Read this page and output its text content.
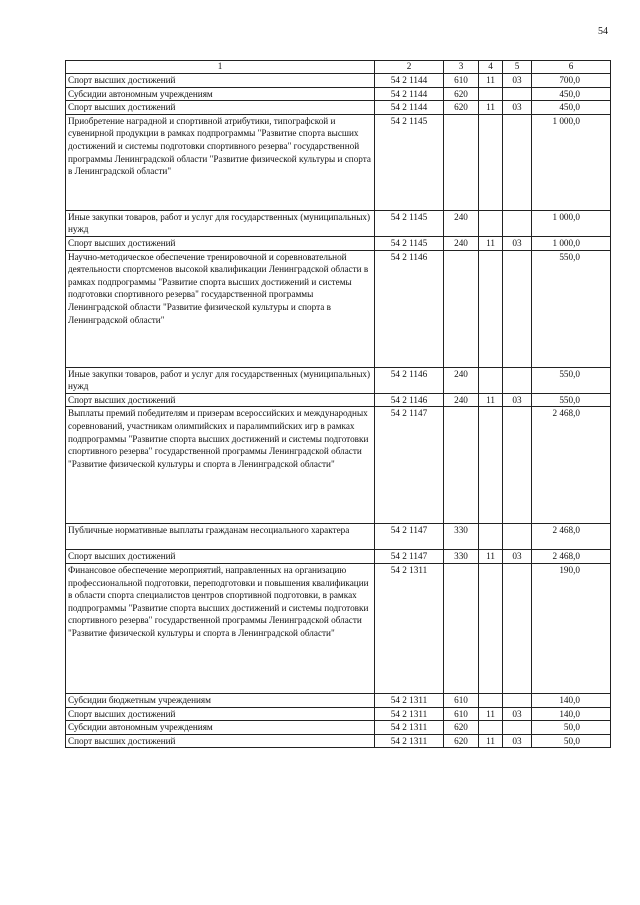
54
1	2	3	4	5	6
Спорт высших достижений	54 2 1144	610	11	03	700,0
Субсидии автономным учреждениям	54 2 1144	620			450,0
Спорт высших достижений	54 2 1144	620	11	03	450,0
Приобретение наградной и спортивной атрибутики, типографской и сувенирной продукции в рамках подпрограммы "Развитие спорта высших достижений и системы подготовки спортивного резерва" государственной программы Ленинградской области "Развитие физической культуры и спорта в Ленинградской области"	54 2 1145				1 000,0
Иные закупки товаров, работ и услуг для государственных (муниципальных) нужд	54 2 1145	240			1 000,0
Спорт высших достижений	54 2 1145	240	11	03	1 000,0
Научно-методическое обеспечение тренировочной и соревновательной деятельности спортсменов высокой квалификации Ленинградской области в рамках подпрограммы "Развитие спорта высших достижений и системы подготовки спортивного резерва" государственной программы Ленинградской области "Развитие физической культуры и спорта в Ленинградской области"	54 2 1146				550,0
Иные закупки товаров, работ и услуг для государственных (муниципальных) нужд	54 2 1146	240			550,0
Спорт высших достижений	54 2 1146	240	11	03	550,0
Выплаты премий победителям и призерам всероссийских и международных соревнований, участникам олимпийских и паралимпийских игр в рамках подпрограммы "Развитие спорта высших достижений и системы подготовки спортивного резерва" государственной программы Ленинградской области "Развитие физической культуры и спорта в Ленинградской области"	54 2 1147				2 468,0
Публичные нормативные выплаты гражданам несоциального характера	54 2 1147	330			2 468,0
Спорт высших достижений	54 2 1147	330	11	03	2 468,0
Финансовое обеспечение мероприятий, направленных на организацию профессиональной подготовки, переподготовки и повышения квалификации в области спорта специалистов центров спортивной подготовки, в рамках подпрограммы "Развитие спорта высших достижений и системы подготовки спортивного резерва" государственной программы Ленинградской области "Развитие физической культуры и спорта в Ленинградской области"	54 2 1311				190,0
Субсидии бюджетным учреждениям	54 2 1311	610			140,0
Спорт высших достижений	54 2 1311	610	11	03	140,0
Субсидии автономным учреждениям	54 2 1311	620			50,0
Спорт высших достижений	54 2 1311	620	11	03	50,0
